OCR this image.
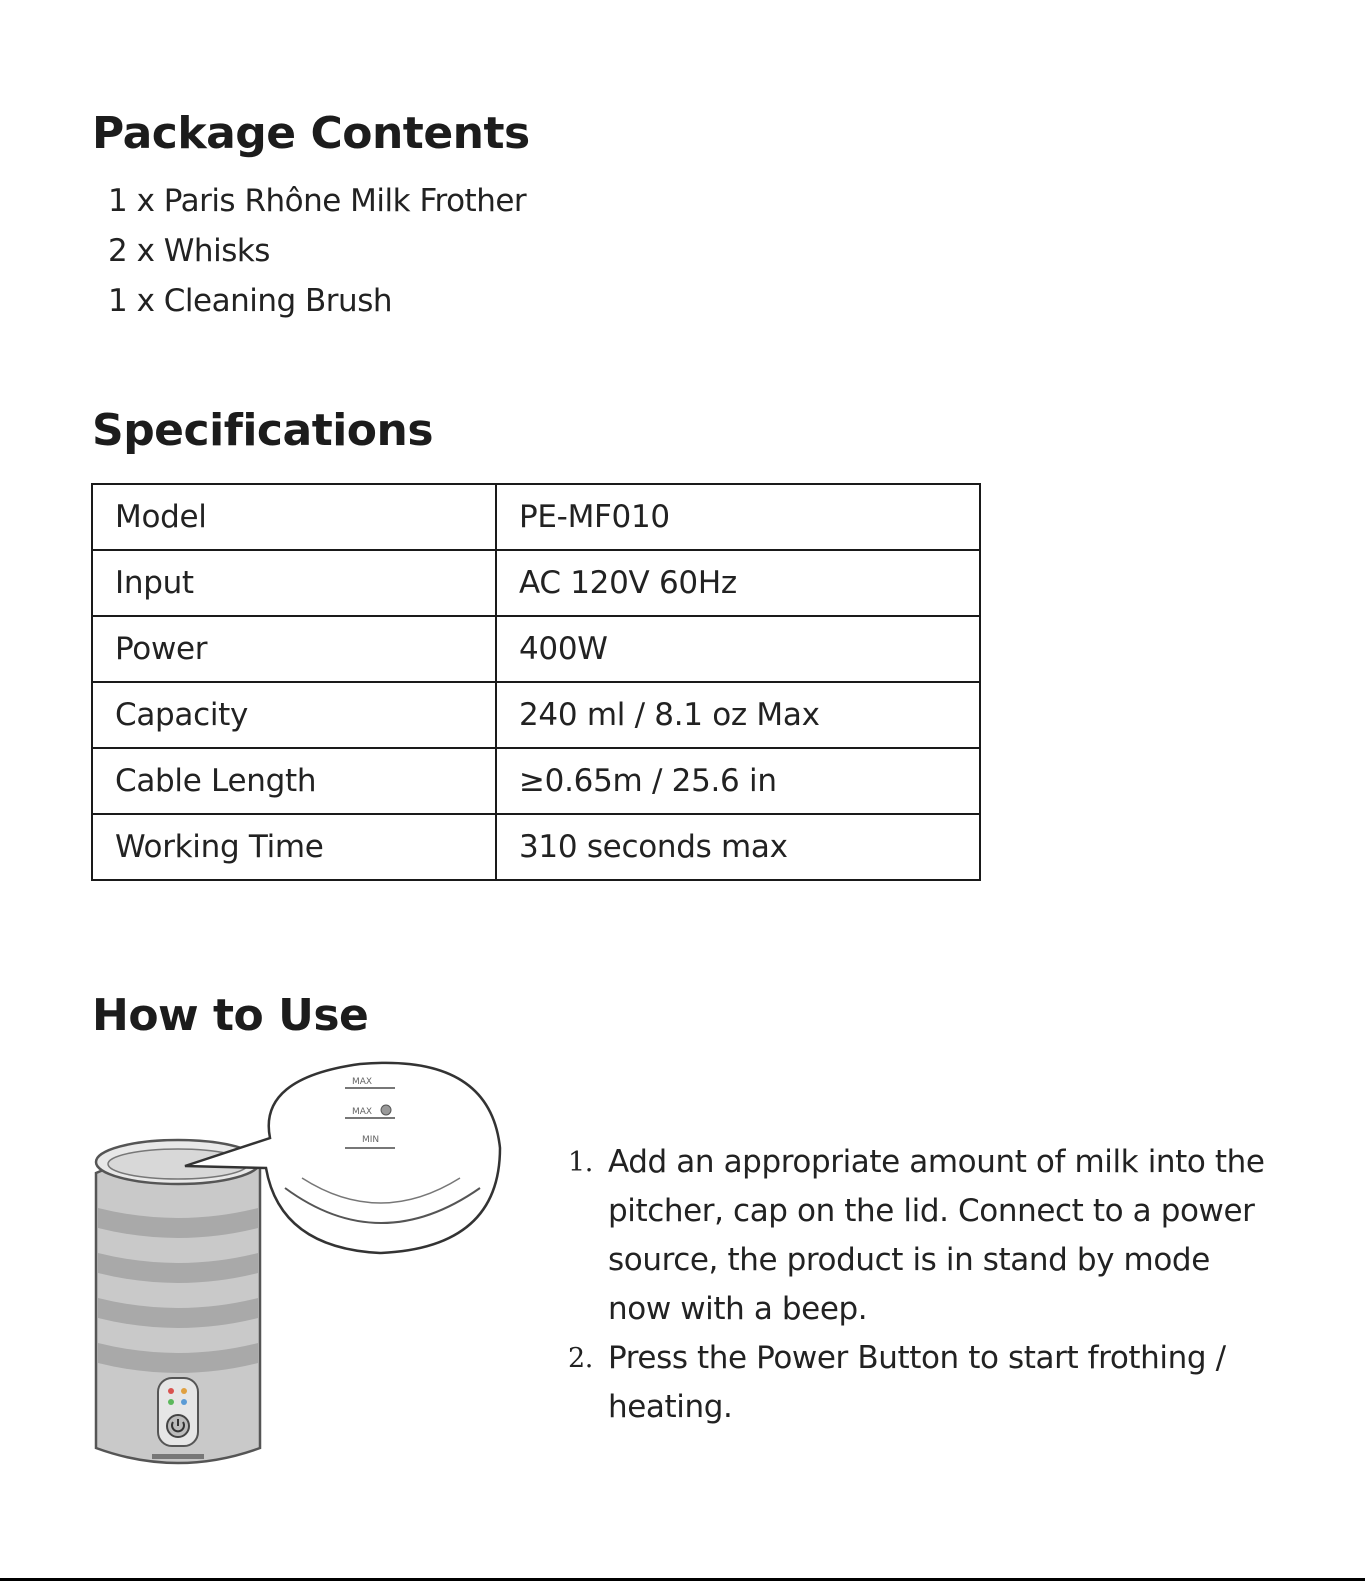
Package Contents
1 x Paris Rhône Milk Frother
2 x Whisks
1 x Cleaning Brush
Specifications
Model	PE-MF010
Input	AC 120V 60Hz
Power	400W
Capacity	240 ml / 8.1 oz Max
Cable Length	≥0.65m / 25.6 in
Working Time	310 seconds max
How to Use
MAX
MAX
MIN
1. Add an appropriate amount of milk into the pitcher, cap on the lid. Connect to a power source, the product is in stand by mode now with a beep.
2. Press the Power Button to start frothing / heating.
